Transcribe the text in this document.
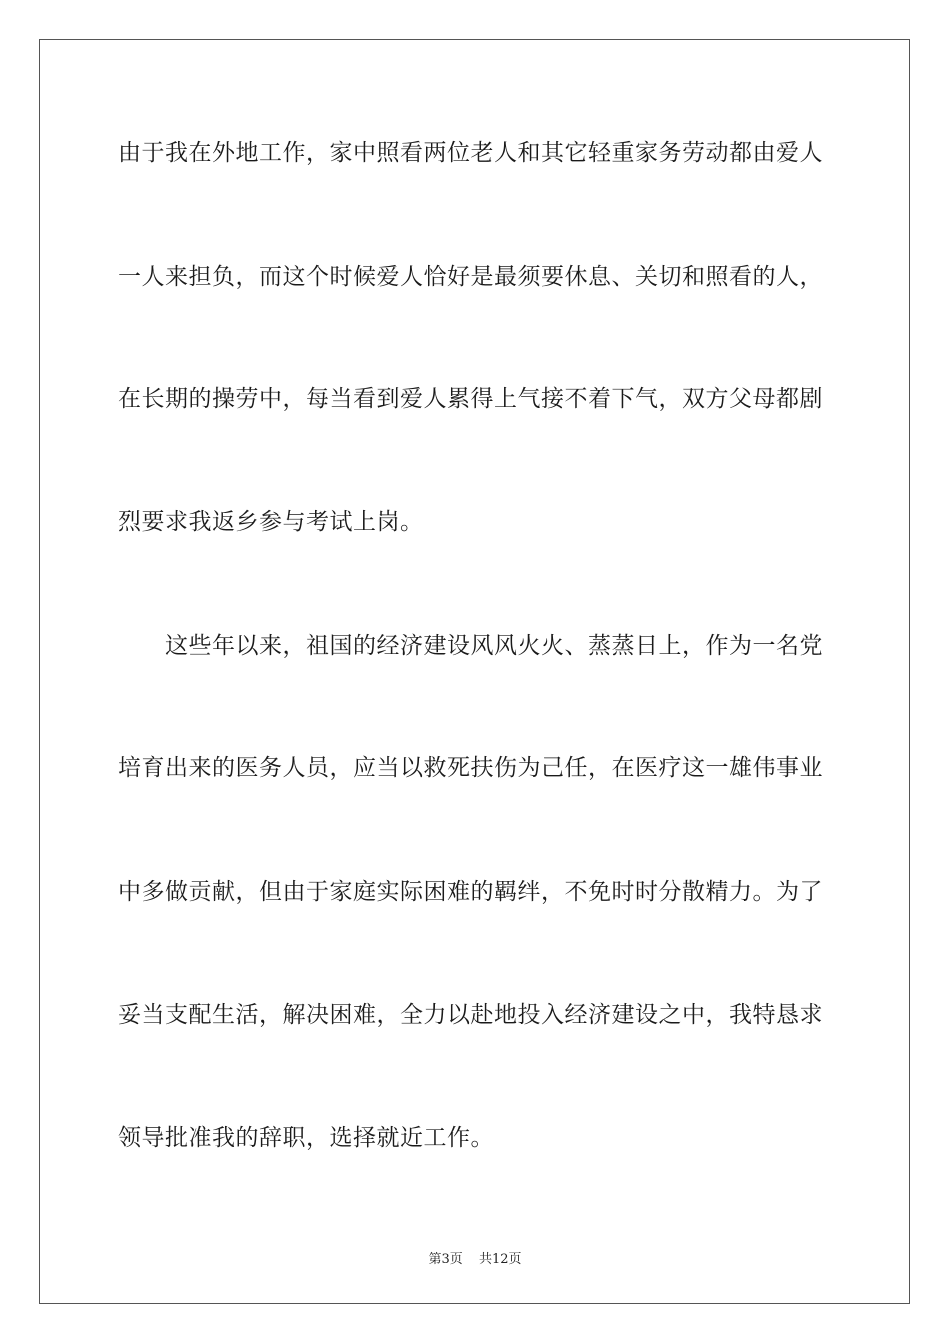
由于我在外地工作，家中照看两位老人和其它轻重家务劳动都由爱人

一人来担负，而这个时候爱人恰好是最须要休息、关切和照看的人，

在长期的操劳中，每当看到爱人累得上气接不着下气，双方父母都剧

烈要求我返乡参与考试上岗。

　　这些年以来，祖国的经济建设风风火火、蒸蒸日上，作为一名党

培育出来的医务人员，应当以救死扶伤为己任，在医疗这一雄伟事业

中多做贡献，但由于家庭实际困难的羁绊，不免时时分散精力。为了

妥当支配生活，解决困难，全力以赴地投入经济建设之中，我特恳求

领导批准我的辞职，选择就近工作。

第3页 共12页
